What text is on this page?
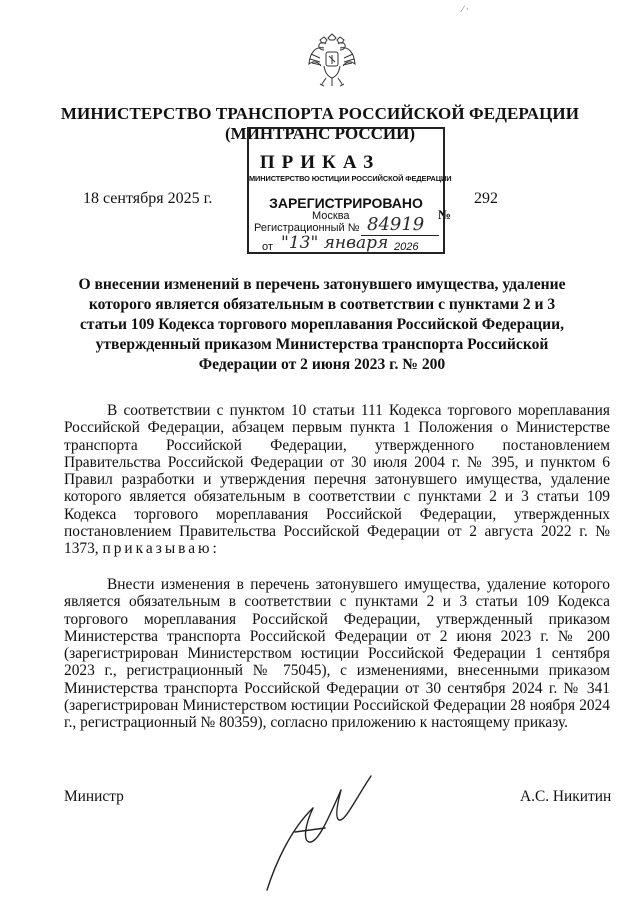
⁄ ·
МИНИСТЕРСТВО ТРАНСПОРТА РОССИЙСКОЙ ФЕДЕРАЦИИ
(МИНТРАНС РОССИИ)
ПРИКАЗ
18 сентября 2025 г.
№
292
МИНИСТЕРСТВО ЮСТИЦИИ РОССИЙСКОЙ ФЕДЕРАЦИИ
ЗАРЕГИСТРИРОВАНО
Москва
Регистрационный № 84919
от "13" января 2026
О внесении изменений в перечень затонувшего имущества, удаление которого является обязательным в соответствии с пунктами 2 и 3 статьи 109 Кодекса торгового мореплавания Российской Федерации, утвержденный приказом Министерства транспорта Российской Федерации от 2 июня 2023 г. № 200
В соответствии с пунктом 10 статьи 111 Кодекса торгового мореплавания Российской Федерации, абзацем первым пункта 1 Положения о Министерстве транспорта Российской Федерации, утвержденного постановлением Правительства Российской Федерации от 30 июля 2004 г. № 395, и пунктом 6 Правил разработки и утверждения перечня затонувшего имущества, удаление которого является обязательным в соответствии с пунктами 2 и 3 статьи 109 Кодекса торгового мореплавания Российской Федерации, утвержденных постановлением Правительства Российской Федерации от 2 августа 2022 г. № 1373, приказываю:
Внести изменения в перечень затонувшего имущества, удаление которого является обязательным в соответствии с пунктами 2 и 3 статьи 109 Кодекса торгового мореплавания Российской Федерации, утвержденный приказом Министерства транспорта Российской Федерации от 2 июня 2023 г. № 200 (зарегистрирован Министерством юстиции Российской Федерации 1 сентября 2023 г., регистрационный № 75045), с изменениями, внесенными приказом Министерства транспорта Российской Федерации от 30 сентября 2024 г. № 341 (зарегистрирован Министерством юстиции Российской Федерации 28 ноября 2024 г., регистрационный № 80359), согласно приложению к настоящему приказу.
Министр	А.С. Никитин
